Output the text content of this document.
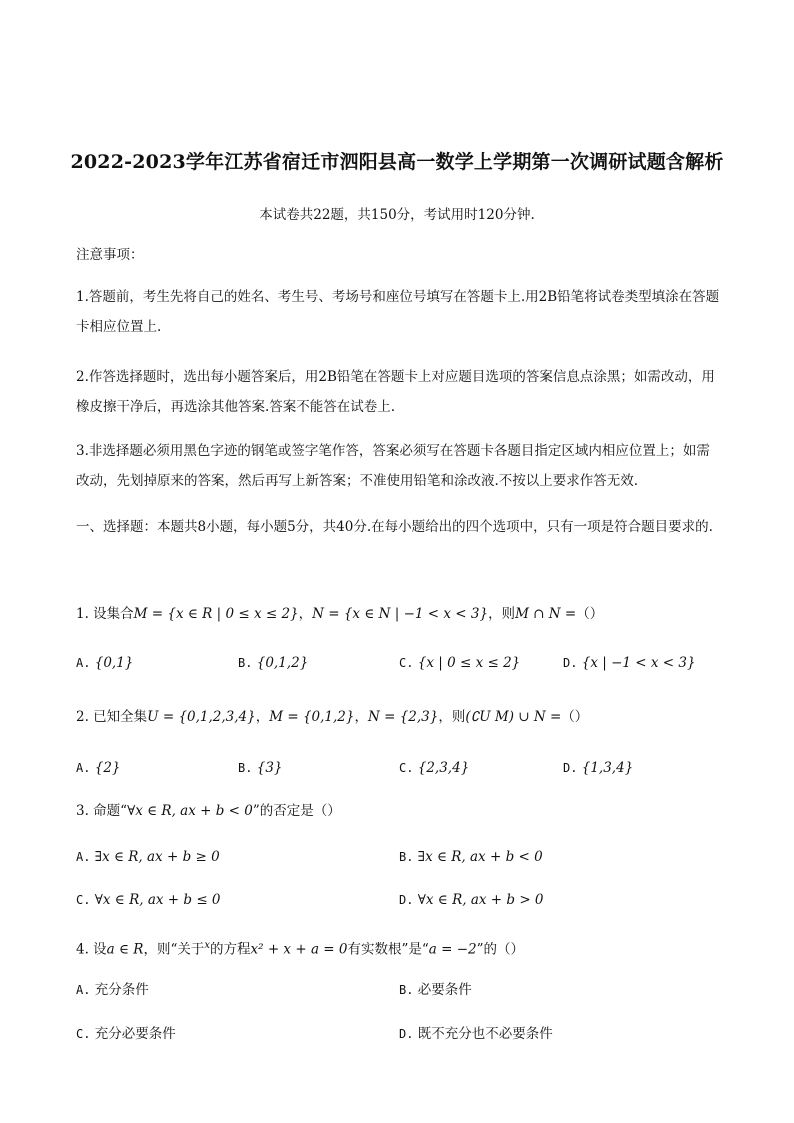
2022-2023学年江苏省宿迁市泗阳县高一数学上学期第一次调研试题含解析
本试卷共22题，共150分，考试用时120分钟.
注意事项：
1.答题前，考生先将自己的姓名、考生号、考场号和座位号填写在答题卡上.用2B铅笔将试卷类型填涂在答题卡相应位置上.
2.作答选择题时，选出每小题答案后，用2B铅笔在答题卡上对应题目选项的答案信息点涂黑；如需改动，用橡皮擦干净后，再选涂其他答案.答案不能答在试卷上.
3.非选择题必须用黑色字迹的钢笔或签字笔作答，答案必须写在答题卡各题目指定区域内相应位置上；如需改动，先划掉原来的答案，然后再写上新答案；不准使用铅笔和涂改液.不按以上要求作答无效.
一、选择题：本题共8小题，每小题5分，共40分.在每小题给出的四个选项中，只有一项是符合题目要求的.
1. 设集合M = {x ∈ R | 0 ≤ x ≤ 2}，N = {x ∈ N | −1 < x < 3}，则M ∩ N =（）
A. {0,1}	B. {0,1,2}	C. {x | 0 ≤ x ≤ 2}	D. {x | −1 < x < 3}
2. 已知全集U = {0,1,2,3,4}，M = {0,1,2}，N = {2,3}，则(∁U M) ∪ N =（）
A. {2}	B. {3}	C. {2,3,4}	D. {1,3,4}
3. 命题“∀x ∈ R, ax + b < 0”的否定是（）
A. ∃x ∈ R, ax + b ≥ 0	B. ∃x ∈ R, ax + b < 0
C. ∀x ∈ R, ax + b ≤ 0	D. ∀x ∈ R, ax + b > 0
4. 设a ∈ R，则“关于$^x$的方程x² + x + a = 0有实数根”是“a = −2”的（）
A. 充分条件	B. 必要条件
C. 充分必要条件	D. 既不充分也不必要条件
